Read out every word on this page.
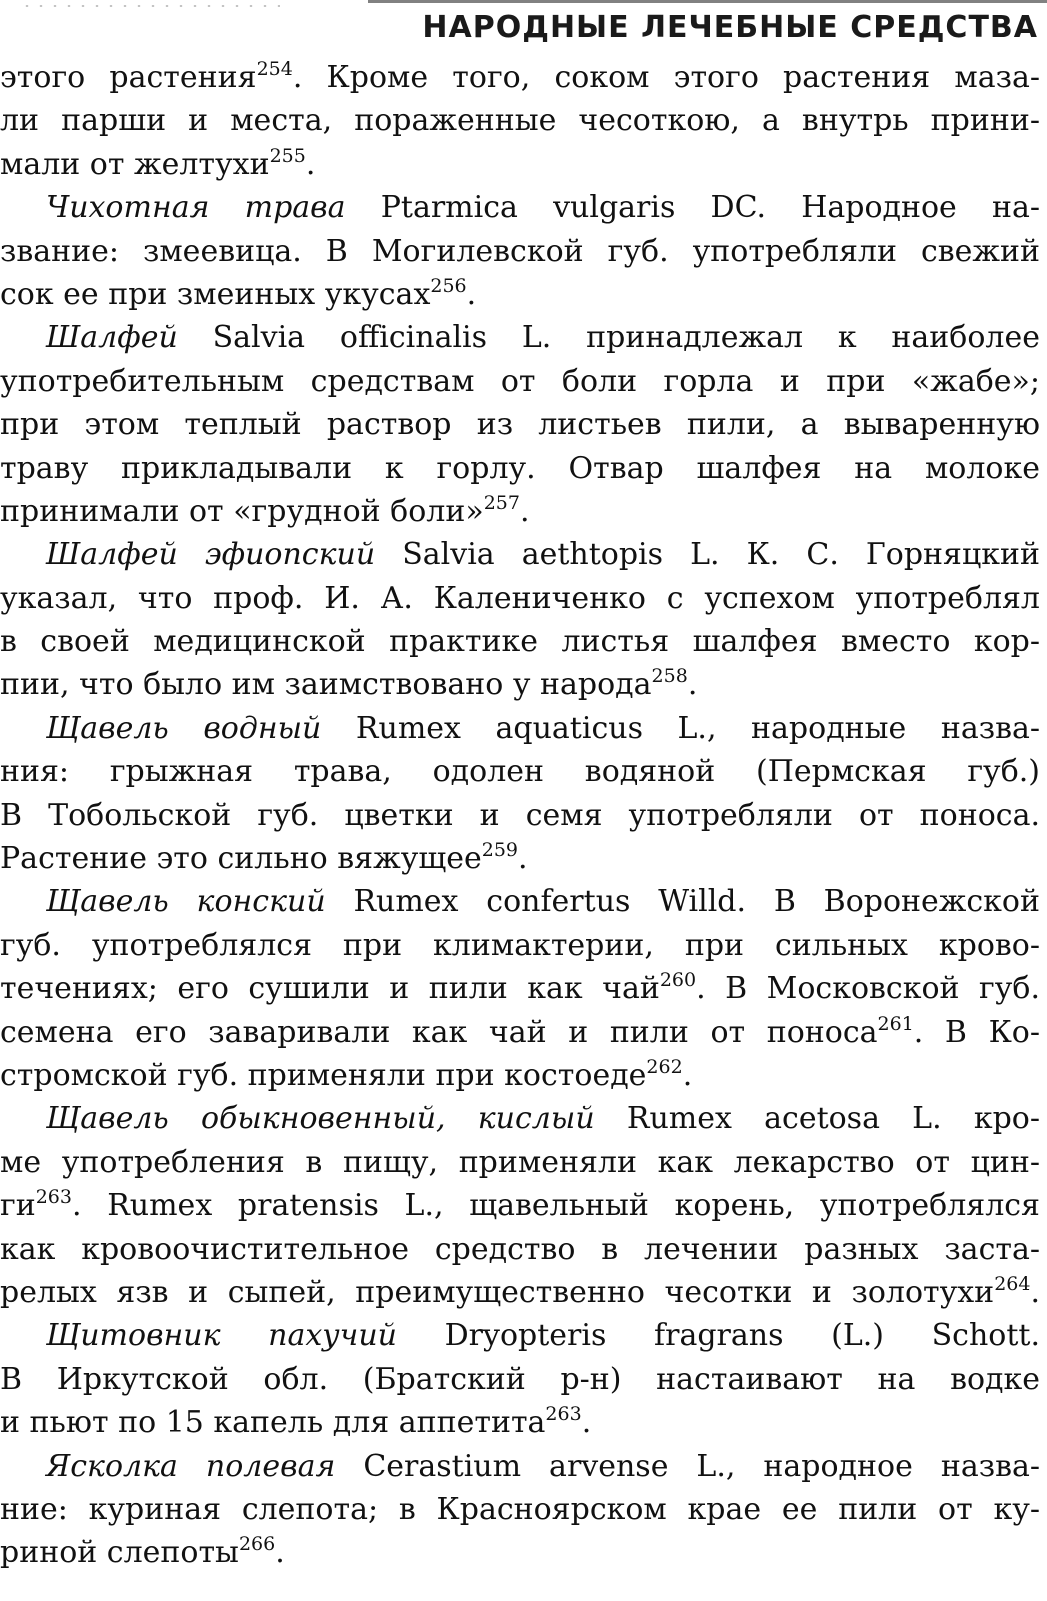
НАРОДНЫЕ ЛЕЧЕБНЫЕ СРЕДСТВА
этого растения$^{254}$. Кроме того, соком этого растения маза-
ли парши и места, пораженные чесоткою, а внутрь прини-
мали от желтухи$^{255}$.
Чихотная трава Ptarmica vulgaris DC. Народное на-
звание: змеевица. В Могилевской губ. употребляли свежий
сок ее при змеиных укусах$^{256}$.
Шалфей Salvia officinalis L. принадлежал к наиболее
употребительным средствам от боли горла и при «жабе»;
при этом теплый раствор из листьев пили, а вываренную
траву прикладывали к горлу. Отвар шалфея на молоке
принимали от «грудной боли»$^{257}$.
Шалфей эфиопский Salvia aethtopis L. К. С. Горняцкий
указал, что проф. И. А. Калениченко с успехом употреблял
в своей медицинской практике листья шалфея вместо кор-
пии, что было им заимствовано у народа$^{258}$.
Щавель водный Rumex aquaticus L., народные назва-
ния: грыжная трава, одолен водяной (Пермская губ.)
В Тобольской губ. цветки и семя употребляли от поноса.
Растение это сильно вяжущее$^{259}$.
Щавель конский Rumex confertus Willd. В Воронежской
губ. употреблялся при климактерии, при сильных крово-
течениях; его сушили и пили как чай$^{260}$. В Московской губ.
семена его заваривали как чай и пили от поноса$^{261}$. В Ко-
стромской губ. применяли при костоеде$^{262}$.
Щавель обыкновенный, кислый Rumex acetosa L. кро-
ме употребления в пищу, применяли как лекарство от цин-
$ги^{263}$. Rumex pratensis L., щавельный корень, употреблялся
как кровоочистительное средство в лечении разных заста-
релых язв и сыпей, преимущественно чесотки и золотухи$^{264}$.
Щитовник пахучий Dryopteris fragrans (L.) Schott.
В Иркутской обл. (Братский р-н) настаивают на водке
и пьют по 15 капель для аппетита$^{263}$.
Ясколка полевая Cerastium arvense L., народное назва-
ние: куриная слепота; в Красноярском крае ее пили от ку-
риной слепоты$^{266}$.
